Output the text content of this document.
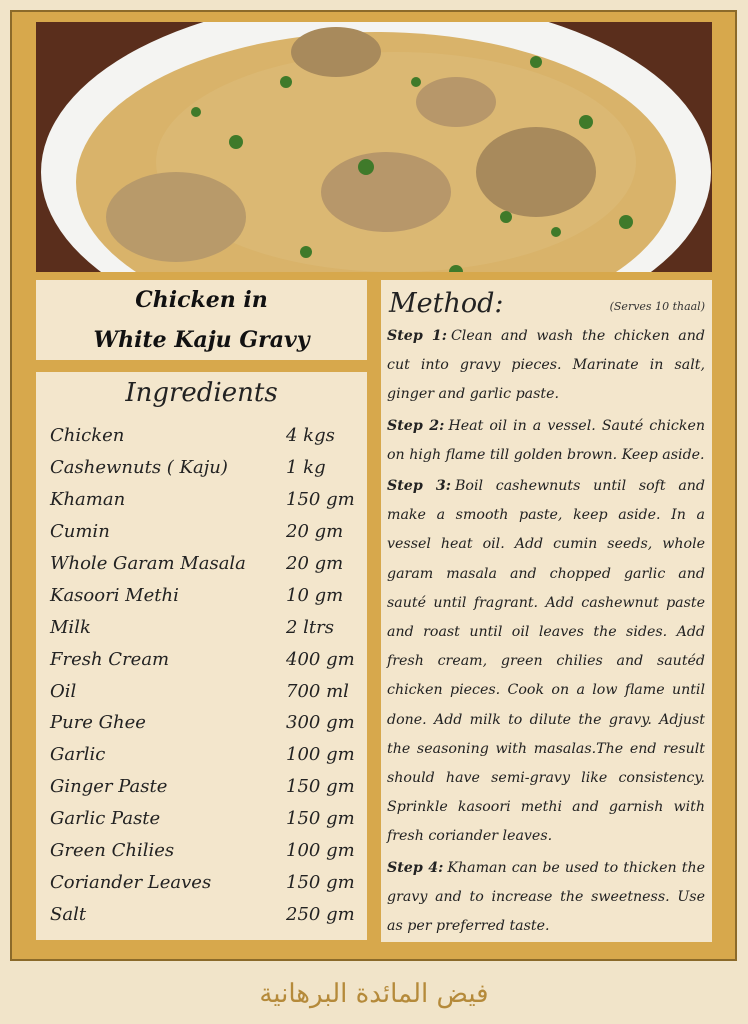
Chicken in
White Kaju Gravy
Ingredients
Chicken	4 kgs
Cashewnuts ( Kaju)	1 kg
Khaman	150 gm
Cumin	20 gm
Whole Garam Masala	20 gm
Kasoori Methi	10 gm
Milk	2 ltrs
Fresh Cream	400 gm
Oil	700 ml
Pure Ghee	300 gm
Garlic	100 gm
Ginger Paste	150 gm
Garlic Paste	150 gm
Green Chilies	100 gm
Coriander Leaves	150 gm
Salt	250 gm
Method:	(Serves 10 thaal)

Step 1: Clean and wash the chicken and cut into gravy pieces. Marinate in salt, ginger and garlic paste.

Step 2: Heat oil in a vessel. Sauté chicken on high flame till golden brown. Keep aside.

Step 3: Boil cashewnuts until soft and make a smooth paste, keep aside. In a vessel heat oil. Add cumin seeds, whole garam masala and chopped garlic and sauté until fragrant. Add cashewnut paste and roast until oil leaves the sides. Add fresh cream, green chilies and sautéd chicken pieces. Cook on a low flame until done. Add milk to dilute the gravy. Adjust the seasoning with masalas.The end result should have semi-gravy like consistency. Sprinkle kasoori methi and garnish with fresh coriander leaves.

Step 4: Khaman can be used to thicken the gravy and to increase the sweetness. Use as per preferred taste.

فيض المائدة البرهانية
